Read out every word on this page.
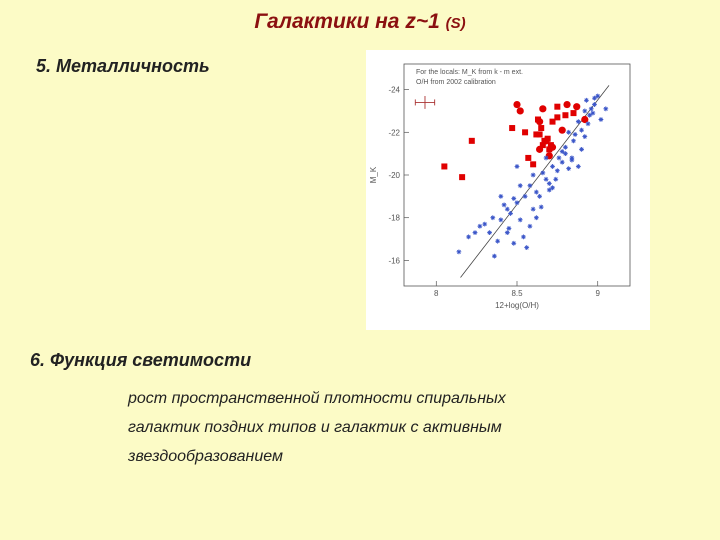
Галактики на z~1 (S)
5. Металличность	For the locals: M_K from k - m ext.
O/H from 2002 calibration
8	8.5	9
-24
-22
-20
-18
-16
12+log(O/H)
M_K
6. Функция светимости
рост пространственной плотности спиральных
галактик поздних типов и галактик с активным
звездообразованием
